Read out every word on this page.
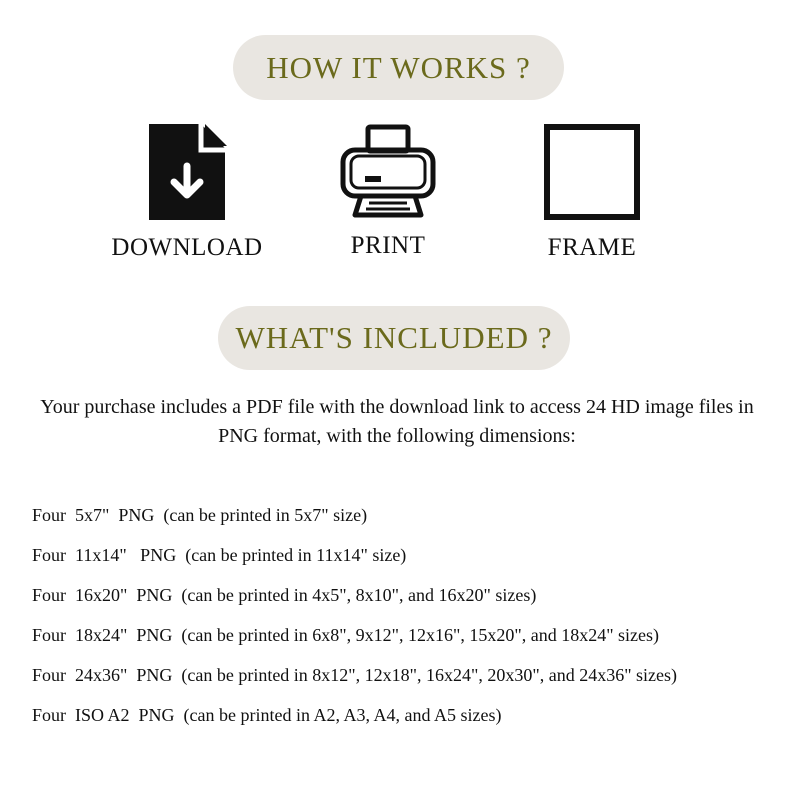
HOW IT WORKS ?
DOWNLOAD	PRINT	FRAME
WHAT'S INCLUDED ?

Your purchase includes a PDF file with the download link to access 24 HD image files in PNG format, with the following dimensions:

Four  5x7"  PNG  (can be printed in 5x7" size)
Four  11x14"   PNG  (can be printed in 11x14" size)
Four  16x20"  PNG  (can be printed in 4x5", 8x10", and 16x20" sizes)
Four  18x24"  PNG  (can be printed in 6x8", 9x12", 12x16", 15x20", and 18x24" sizes)
Four  24x36"  PNG  (can be printed in 8x12", 12x18", 16x24", 20x30", and 24x36" sizes)
Four  ISO A2  PNG  (can be printed in A2, A3, A4, and A5 sizes)
